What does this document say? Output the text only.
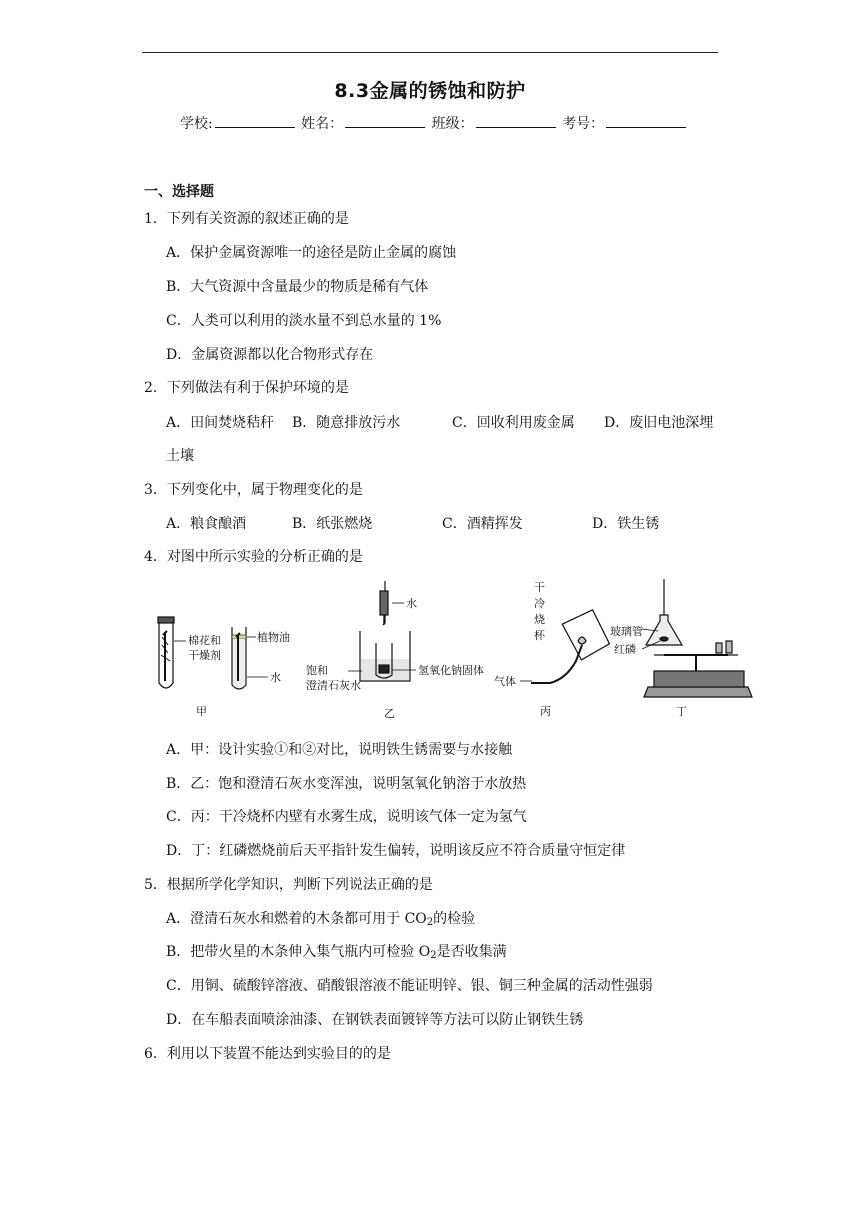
8.3金属的锈蚀和防护
学校:	姓名：	班级：	考号：
一、选择题
1．下列有关资源的叙述正确的是
A．保护金属资源唯一的途径是防止金属的腐蚀
B．大气资源中含量最少的物质是稀有气体
C．人类可以利用的淡水量不到总水量的 1%
D．金属资源都以化合物形式存在
2．下列做法有利于保护环境的是
A．田间焚烧秸秆 B．随意排放污水	C．回收利用废金属 D．废旧电池深埋
土壤
3．下列变化中，属于物理变化的是
A．粮食酿酒	B．纸张燃烧	C．酒精挥发	D．铁生锈
4．对图中所示实验的分析正确的是
棉花和
干燥剂
植物油
水
水
饱和
澄清石灰水
氢氧化钠固体
干
冷
烧
杯
气体
玻璃管
红磷
甲	乙	丙	丁
A．甲：设计实验①和②对比，说明铁生锈需要与水接触
B．乙：饱和澄清石灰水变浑浊，说明氢氧化钠溶于水放热
C．丙：干冷烧杯内壁有水雾生成，说明该气体一定为氢气
D．丁：红磷燃烧前后天平指针发生偏转，说明该反应不符合质量守恒定律
5．根据所学化学知识，判断下列说法正确的是
A．澄清石灰水和燃着的木条都可用于 $CO_2$的检验
B．把带火星的木条伸入集气瓶内可检验 $O_2$是否收集满
C．用铜、硫酸锌溶液、硝酸银溶液不能证明锌、银、铜三种金属的活动性强弱
D．在车船表面喷涂油漆、在钢铁表面镀锌等方法可以防止钢铁生锈
6．利用以下装置不能达到实验目的的是
